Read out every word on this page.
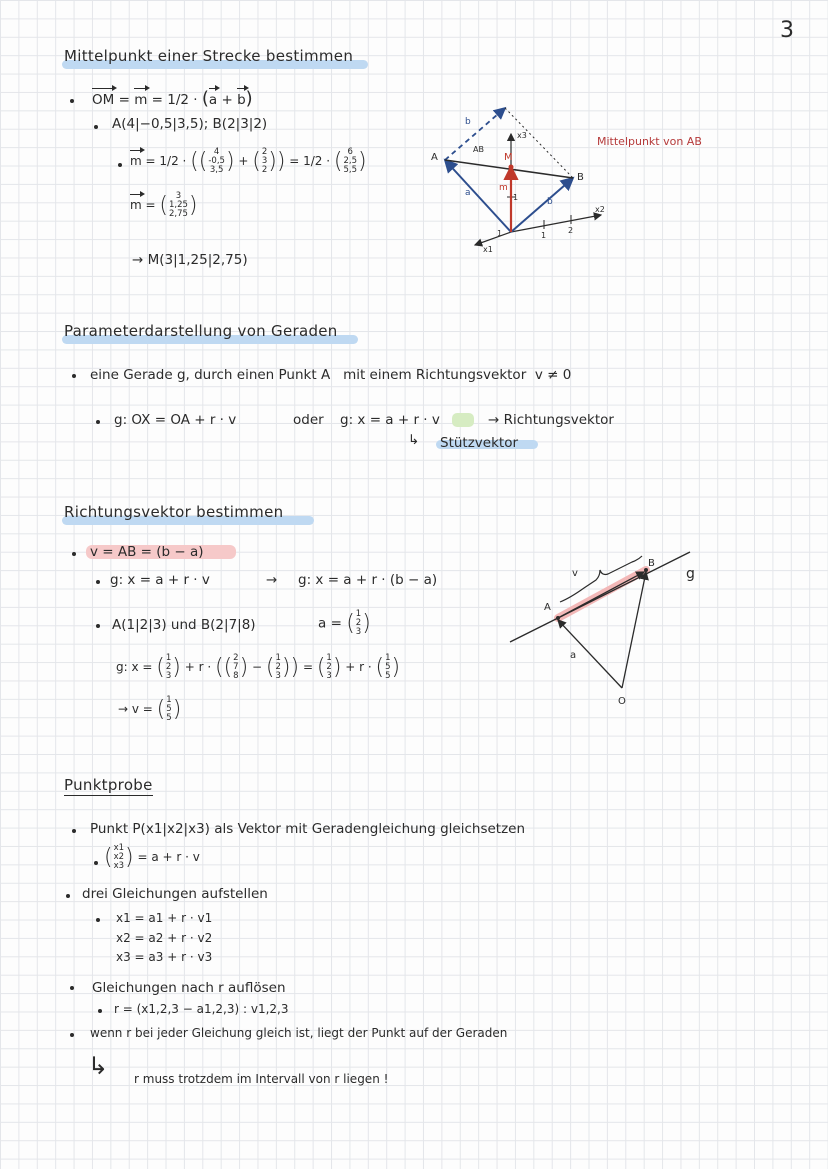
3
Mittelpunkt einer Strecke bestimmen
OM = m = 1/2 · (a + b)
A(4|−0,5|3,5); B(2|3|2)
m = 1/2 · (( 4
-0,5
3,5 ) + ( 2
3
2 )) = 1/2 · ( 6
2,5
5,5 )
m = ( 3
1,25
2,75 )
→ M(3|1,25|2,75)
A
B
M
AB
b
a
b
m
x3
x2
x1
1
1
2
1
Mittelpunkt von AB
Parameterdarstellung von Geraden
eine Gerade g, durch einen Punkt A mit einem Richtungsvektor v ≠ 0
g: OX = OA + r · v	oder g: x = a + r · v	→ Richtungsvektor
↳ Stützvektor
Richtungsvektor bestimmen
v = AB = (b − a)
g: x = a + r · v	→ g: x = a + r · (b − a)
A(1|2|3) und B(2|7|8)	a = ( 1
2
3 )
g: x = ( 1
2
3 ) + r · (( 2
7
8 ) − ( 1
2
3 )) = ( 1
2
3 ) + r · ( 1
5
5 )
→ v = ( 1
5
5 )
A
B
g
O
v
a
Punktprobe
Punkt P(x1|x2|x3) als Vektor mit Geradengleichung gleichsetzen
( x1
x2
x3 ) = a + r · v
drei Gleichungen aufstellen
x1 = a1 + r · v1
x2 = a2 + r · v2
x3 = a3 + r · v3
Gleichungen nach r auflösen
r = (x1,2,3 − a1,2,3) : v1,2,3
wenn r bei jeder Gleichung gleich ist, liegt der Punkt auf der Geraden
↳ r muss trotzdem im Intervall von r liegen !
